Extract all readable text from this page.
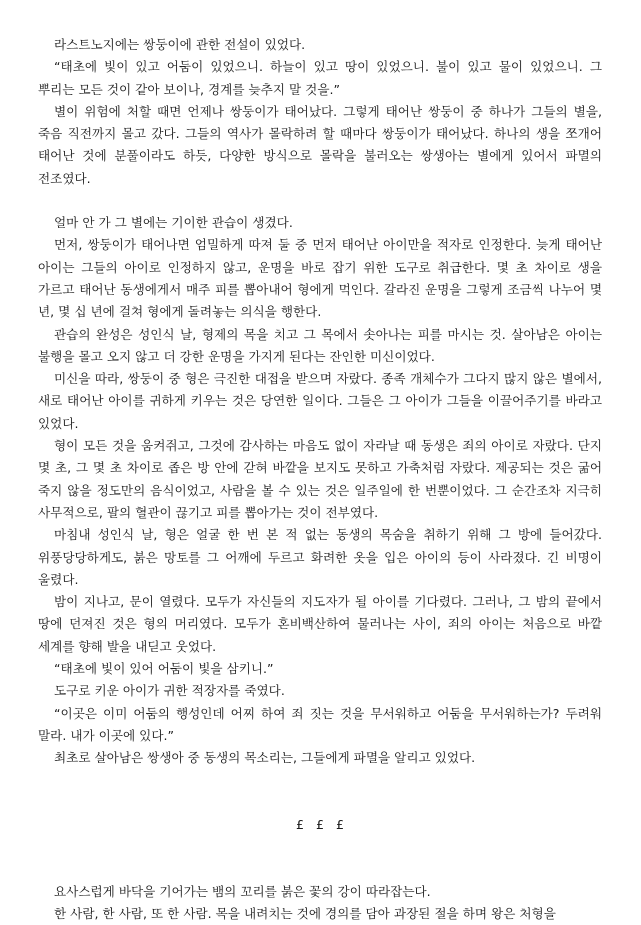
라스트노지에는 쌍둥이에 관한 전설이 있었다.

“태초에 빛이 있고 어둠이 있었으니. 하늘이 있고 땅이 있었으니. 불이 있고 물이 있었으니. 그 뿌리는 모든 것이 같아 보이나, 경계를 늦추지 말 것을.”

별이 위험에 처할 때면 언제나 쌍둥이가 태어났다. 그렇게 태어난 쌍둥이 중 하나가 그들의 별을, 죽음 직전까지 몰고 갔다. 그들의 역사가 몰락하려 할 때마다 쌍둥이가 태어났다. 하나의 생을 쪼개어 태어난 것에 분풀이라도 하듯, 다양한 방식으로 몰락을 불러오는 쌍생아는 별에게 있어서 파멸의 전조였다.

얼마 안 가 그 별에는 기이한 관습이 생겼다.

먼저, 쌍둥이가 태어나면 엄밀하게 따져 둘 중 먼저 태어난 아이만을 적자로 인정한다. 늦게 태어난 아이는 그들의 아이로 인정하지 않고, 운명을 바로 잡기 위한 도구로 취급한다. 몇 초 차이로 생을 가르고 태어난 동생에게서 매주 피를 뽑아내어 형에게 먹인다. 갈라진 운명을 그렇게 조금씩 나누어 몇 년, 몇 십 년에 걸쳐 형에게 돌려놓는 의식을 행한다.

관습의 완성은 성인식 날, 형제의 목을 치고 그 목에서 솟아나는 피를 마시는 것. 살아남은 아이는 불행을 몰고 오지 않고 더 강한 운명을 가지게 된다는 잔인한 미신이었다.

미신을 따라, 쌍둥이 중 형은 극진한 대접을 받으며 자랐다. 종족 개체수가 그다지 많지 않은 별에서, 새로 태어난 아이를 귀하게 키우는 것은 당연한 일이다. 그들은 그 아이가 그들을 이끌어주기를 바라고 있었다.

형이 모든 것을 움켜쥐고, 그것에 감사하는 마음도 없이 자라날 때 동생은 죄의 아이로 자랐다. 단지 몇 초, 그 몇 초 차이로 좁은 방 안에 갇혀 바깥을 보지도 못하고 가축처럼 자랐다. 제공되는 것은 굶어 죽지 않을 정도만의 음식이었고, 사람을 볼 수 있는 것은 일주일에 한 번뿐이었다. 그 순간조차 지극히 사무적으로, 팔의 혈관이 끊기고 피를 뽑아가는 것이 전부였다.

마침내 성인식 날, 형은 얼굴 한 번 본 적 없는 동생의 목숨을 취하기 위해 그 방에 들어갔다. 위풍당당하게도, 붉은 망토를 그 어깨에 두르고 화려한 옷을 입은 아이의 등이 사라졌다. 긴 비명이 울렸다.

밤이 지나고, 문이 열렸다. 모두가 자신들의 지도자가 될 아이를 기다렸다. 그러나, 그 밤의 끝에서 땅에 던져진 것은 형의 머리였다. 모두가 혼비백산하여 물러나는 사이, 죄의 아이는 처음으로 바깥 세계를 향해 발을 내딛고 웃었다.

“태초에 빛이 있어 어둠이 빛을 삼키니.”

도구로 키운 아이가 귀한 적장자를 죽였다.

“이곳은 이미 어둠의 행성인데 어찌 하여 죄 짓는 것을 무서워하고 어둠을 무서워하는가? 두려워 말라. 내가 이곳에 있다.”

최초로 살아남은 쌍생아 중 동생의 목소리는, 그들에게 파멸을 알리고 있었다.

£ £ £

요사스럽게 바닥을 기어가는 뱀의 꼬리를 붉은 꽃의 강이 따라잡는다.

한 사람, 한 사람, 또 한 사람. 목을 내려치는 것에 경의를 담아 과장된 절을 하며 왕은 처형을
